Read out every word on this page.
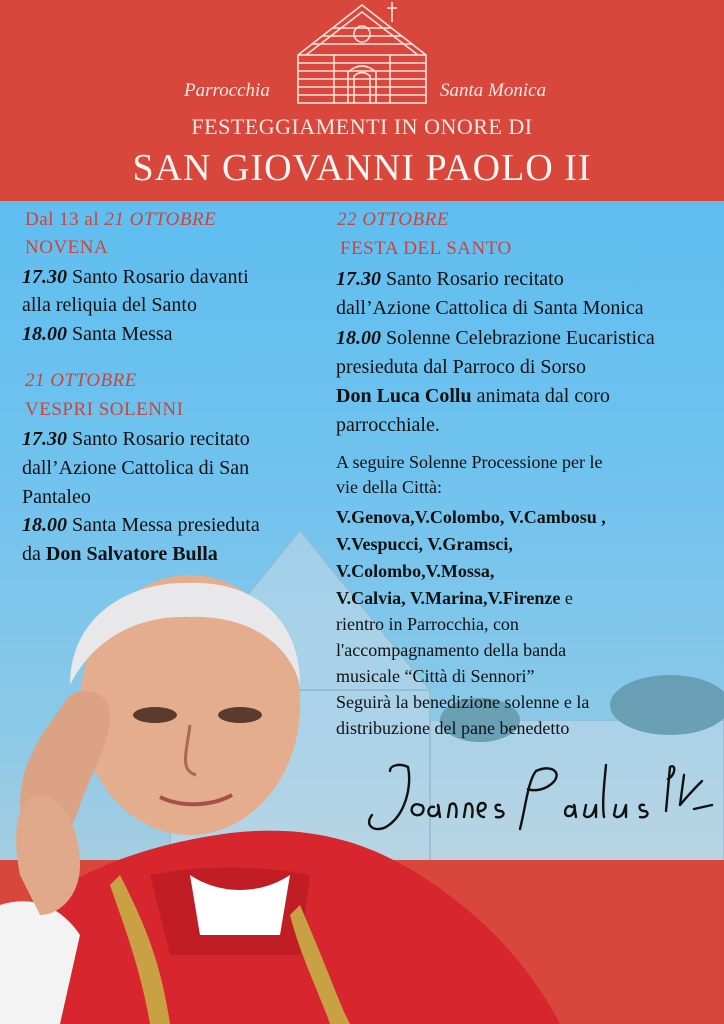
Parrocchia	Santa Monica
FESTEGGIAMENTI IN ONORE DI
SAN GIOVANNI PAOLO II
Dal 13 al 21 OTTOBRE
NOVENA
17.30 Santo Rosario davanti
alla reliquia del Santo
18.00 Santa Messa
21 OTTOBRE
VESPRI SOLENNI
17.30 Santo Rosario recitato
dall’Azione Cattolica di San
Pantaleo
18.00 Santa Messa presieduta
da Don Salvatore Bulla
22 OTTOBRE
FESTA DEL SANTO
17.30 Santo Rosario recitato
dall’Azione Cattolica di Santa Monica
18.00 Solenne Celebrazione Eucaristica
presieduta dal Parroco di Sorso
Don Luca Collu animata dal coro
parrocchiale.
A seguire Solenne Processione per le
vie della Città:
V.Genova,V.Colombo, V.Cambosu ,
V.Vespucci, V.Gramsci,
V.Colombo,V.Mossa,
V.Calvia, V.Marina,V.Firenze e
rientro in Parrocchia, con
l'accompagnamento della banda
musicale “Città di Sennori”
Seguirà la benedizione solenne e la
distribuzione del pane benedetto
